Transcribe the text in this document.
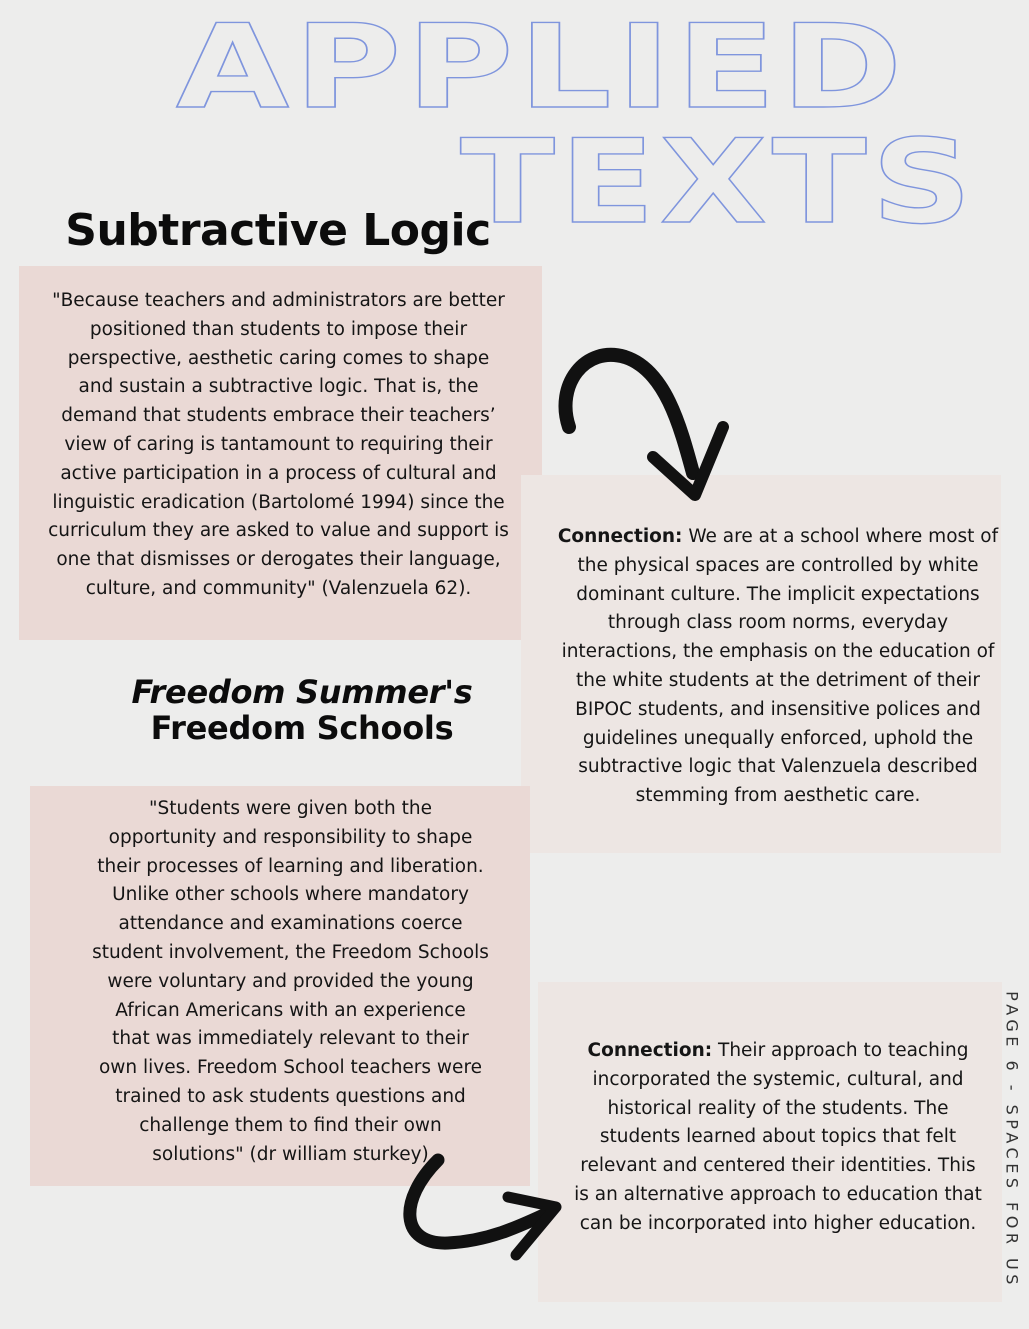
APPLIED
TEXTS
Subtractive Logic

"Because teachers and administrators are better
positioned than students to impose their
perspective, aesthetic caring comes to shape
and sustain a subtractive logic. That is, the
demand that students embrace their teachers’
view of caring is tantamount to requiring their
active participation in a process of cultural and
linguistic eradication (Bartolomé 1994) since the
curriculum they are asked to value and support is
one that dismisses or derogates their language,
culture, and community" (Valenzuela 62).

Connection: We are at a school where most of
the physical spaces are controlled by white
dominant culture. The implicit expectations
through class room norms, everyday
interactions, the emphasis on the education of
the white students at the detriment of their
BIPOC students, and insensitive polices and
guidelines unequally enforced, uphold the
subtractive logic that Valenzuela described
stemming from aesthetic care.

Freedom Summer's
Freedom Schools

"Students were given both the
opportunity and responsibility to shape
their processes of learning and liberation.
Unlike other schools where mandatory
attendance and examinations coerce
student involvement, the Freedom Schools
were voluntary and provided the young
African Americans with an experience
that was immediately relevant to their
own lives. Freedom School teachers were
trained to ask students questions and
challenge them to find their own
solutions" (dr william sturkey)

Connection: Their approach to teaching
incorporated the systemic, cultural, and
historical reality of the students. The
students learned about topics that felt
relevant and centered their identities. This
is an alternative approach to education that
can be incorporated into higher education.	PAGE 6 - SPACES FOR US
